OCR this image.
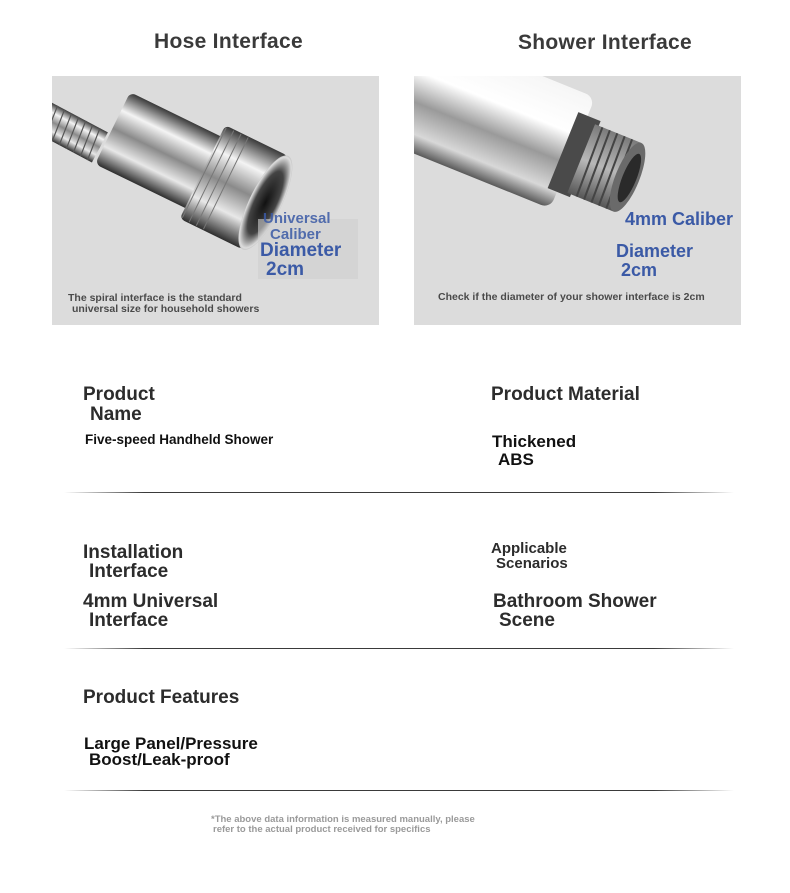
Hose Interface	Shower Interface
Universal
Caliber
Diameter
2cm
The spiral interface is the standard
universal size for household showers
4mm Caliber
Diameter
2cm
Check if the diameter of your shower interface is 2cm
Product
Name
Five-speed Handheld Shower
Product Material
Thickened
ABS
Installation
Interface
4mm Universal
Interface
Applicable
Scenarios
Bathroom Shower
Scene
Product Features
Large Panel/Pressure
Boost/Leak-proof
*The above data information is measured manually, please
refer to the actual product received for specifics
